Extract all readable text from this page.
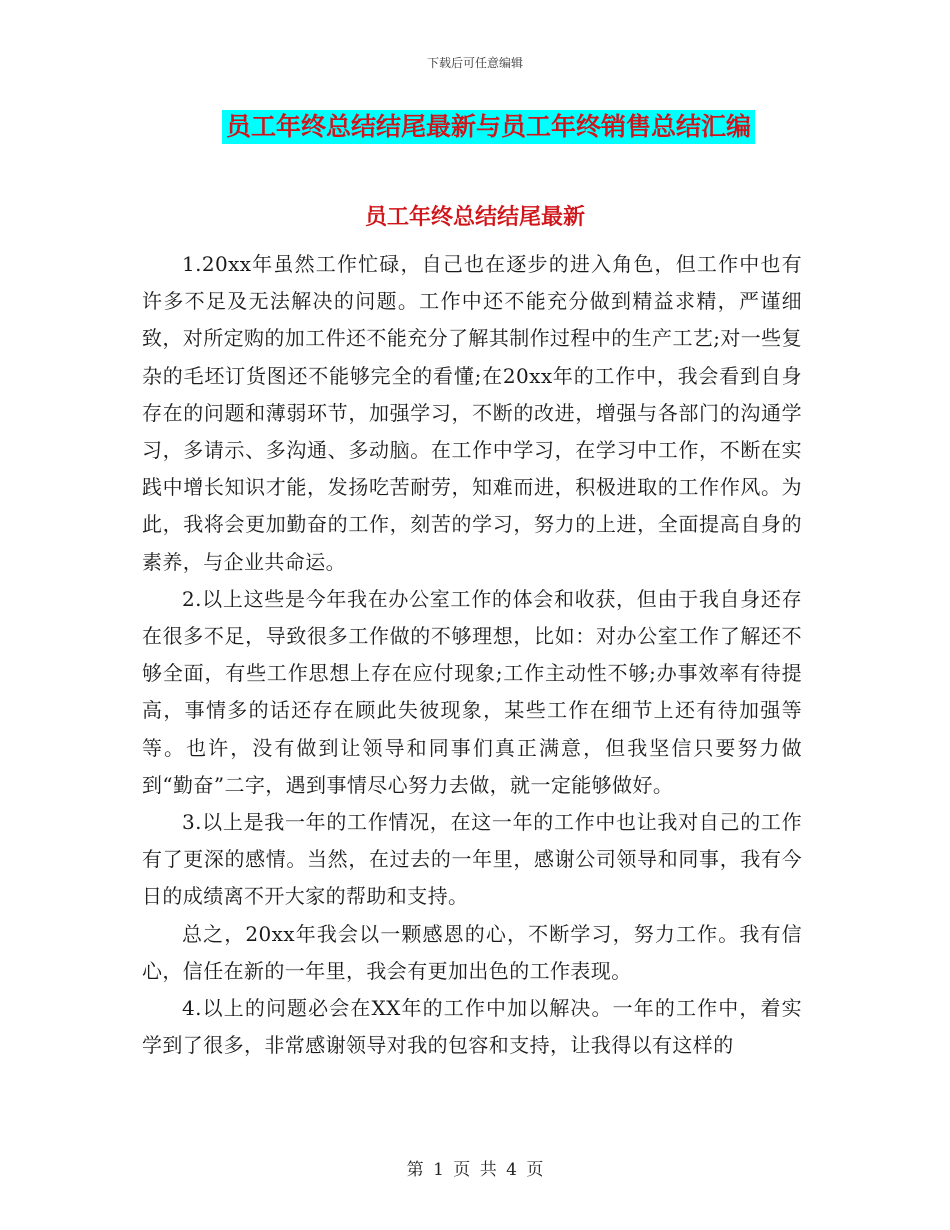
下载后可任意编辑
员工年终总结结尾最新与员工年终销售总结汇编
员工年终总结结尾最新

1.20xx年虽然工作忙碌，自己也在逐步的进入角色，但工作中也有许多不足及无法解决的问题。工作中还不能充分做到精益求精，严谨细致，对所定购的加工件还不能充分了解其制作过程中的生产工艺;对一些复杂的毛坯订货图还不能够完全的看懂;在20xx年的工作中，我会看到自身存在的问题和薄弱环节，加强学习，不断的改进，增强与各部门的沟通学习，多请示、多沟通、多动脑。在工作中学习，在学习中工作，不断在实践中增长知识才能，发扬吃苦耐劳，知难而进，积极进取的工作作风。为此，我将会更加勤奋的工作，刻苦的学习，努力的上进，全面提高自身的素养，与企业共命运。

2.以上这些是今年我在办公室工作的体会和收获，但由于我自身还存在很多不足，导致很多工作做的不够理想，比如：对办公室工作了解还不够全面，有些工作思想上存在应付现象;工作主动性不够;办事效率有待提高，事情多的话还存在顾此失彼现象，某些工作在细节上还有待加强等等。也许，没有做到让领导和同事们真正满意，但我坚信只要努力做到“勤奋”二字，遇到事情尽心努力去做，就一定能够做好。

3.以上是我一年的工作情况，在这一年的工作中也让我对自己的工作有了更深的感情。当然，在过去的一年里，感谢公司领导和同事，我有今日的成绩离不开大家的帮助和支持。

总之，20xx年我会以一颗感恩的心，不断学习，努力工作。我有信心，信任在新的一年里，我会有更加出色的工作表现。

4.以上的问题必会在XX年的工作中加以解决。一年的工作中，着实学到了很多，非常感谢领导对我的包容和支持，让我得以有这样的

第 1 页 共 4 页
